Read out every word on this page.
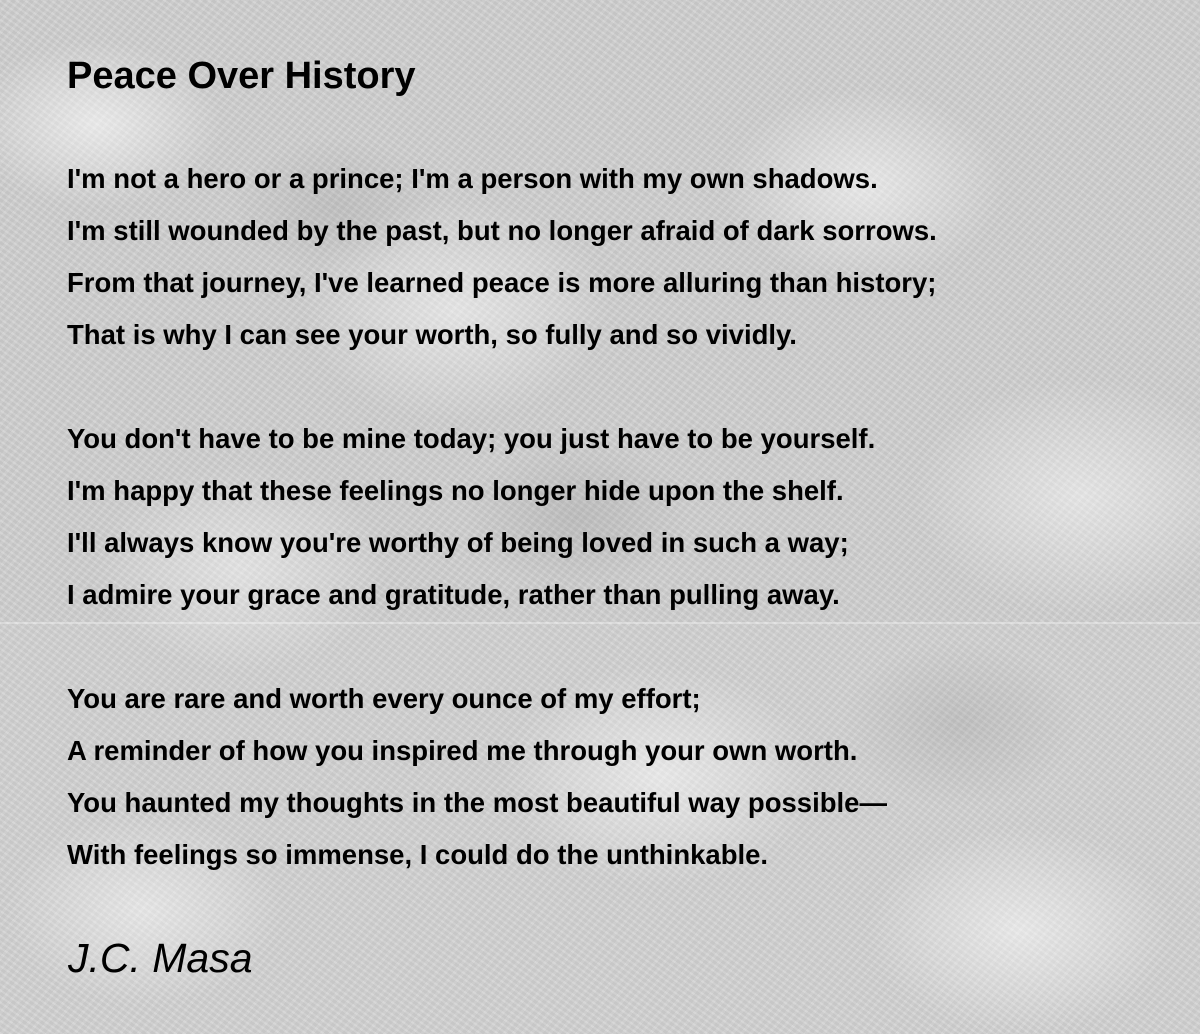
Peace Over History
I'm not a hero or a prince; I'm a person with my own shadows.
I'm still wounded by the past, but no longer afraid of dark sorrows.
From that journey, I've learned peace is more alluring than history;
That is why I can see your worth, so fully and so vividly.
You don't have to be mine today; you just have to be yourself.
I'm happy that these feelings no longer hide upon the shelf.
I'll always know you're worthy of being loved in such a way;
I admire your grace and gratitude, rather than pulling away.
You are rare and worth every ounce of my effort;
A reminder of how you inspired me through your own worth.
You haunted my thoughts in the most beautiful way possible—
With feelings so immense, I could do the unthinkable.
J.C. Masa
